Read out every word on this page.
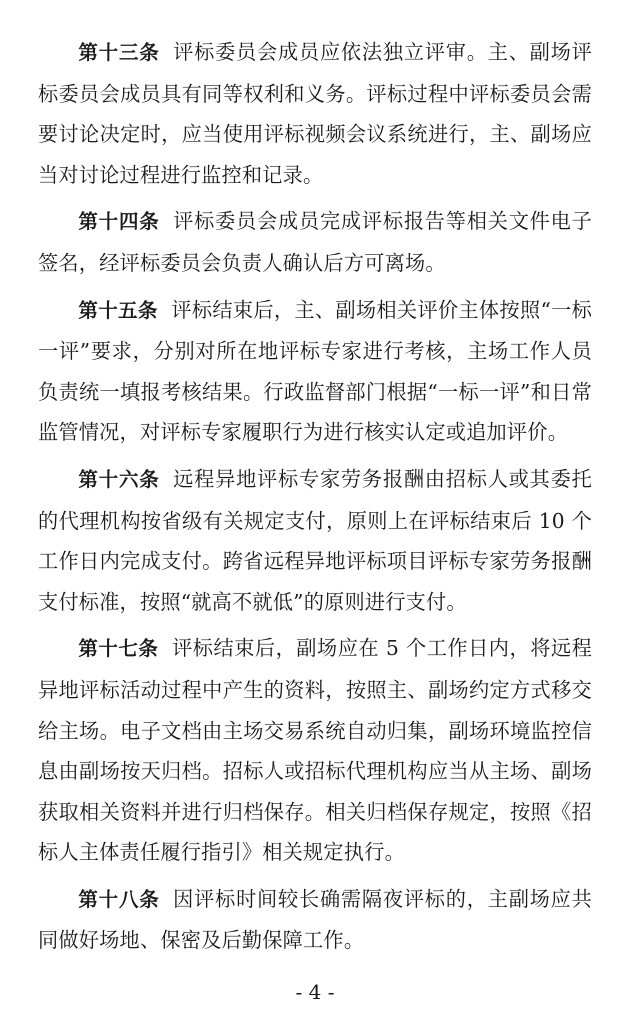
第十三条 评标委员会成员应依法独立评审。主、副场评标委员会成员具有同等权利和义务。评标过程中评标委员会需要讨论决定时，应当使用评标视频会议系统进行，主、副场应当对讨论过程进行监控和记录。

第十四条 评标委员会成员完成评标报告等相关文件电子签名，经评标委员会负责人确认后方可离场。

第十五条 评标结束后，主、副场相关评价主体按照“一标一评”要求，分别对所在地评标专家进行考核，主场工作人员负责统一填报考核结果。行政监督部门根据“一标一评”和日常监管情况，对评标专家履职行为进行核实认定或追加评价。

第十六条 远程异地评标专家劳务报酬由招标人或其委托的代理机构按省级有关规定支付，原则上在评标结束后 10 个工作日内完成支付。跨省远程异地评标项目评标专家劳务报酬支付标准，按照“就高不就低”的原则进行支付。

第十七条 评标结束后，副场应在 5 个工作日内，将远程异地评标活动过程中产生的资料，按照主、副场约定方式移交给主场。电子文档由主场交易系统自动归集，副场环境监控信息由副场按天归档。招标人或招标代理机构应当从主场、副场获取相关资料并进行归档保存。相关归档保存规定，按照《招标人主体责任履行指引》相关规定执行。

第十八条 因评标时间较长确需隔夜评标的，主副场应共同做好场地、保密及后勤保障工作。

- 4 -
